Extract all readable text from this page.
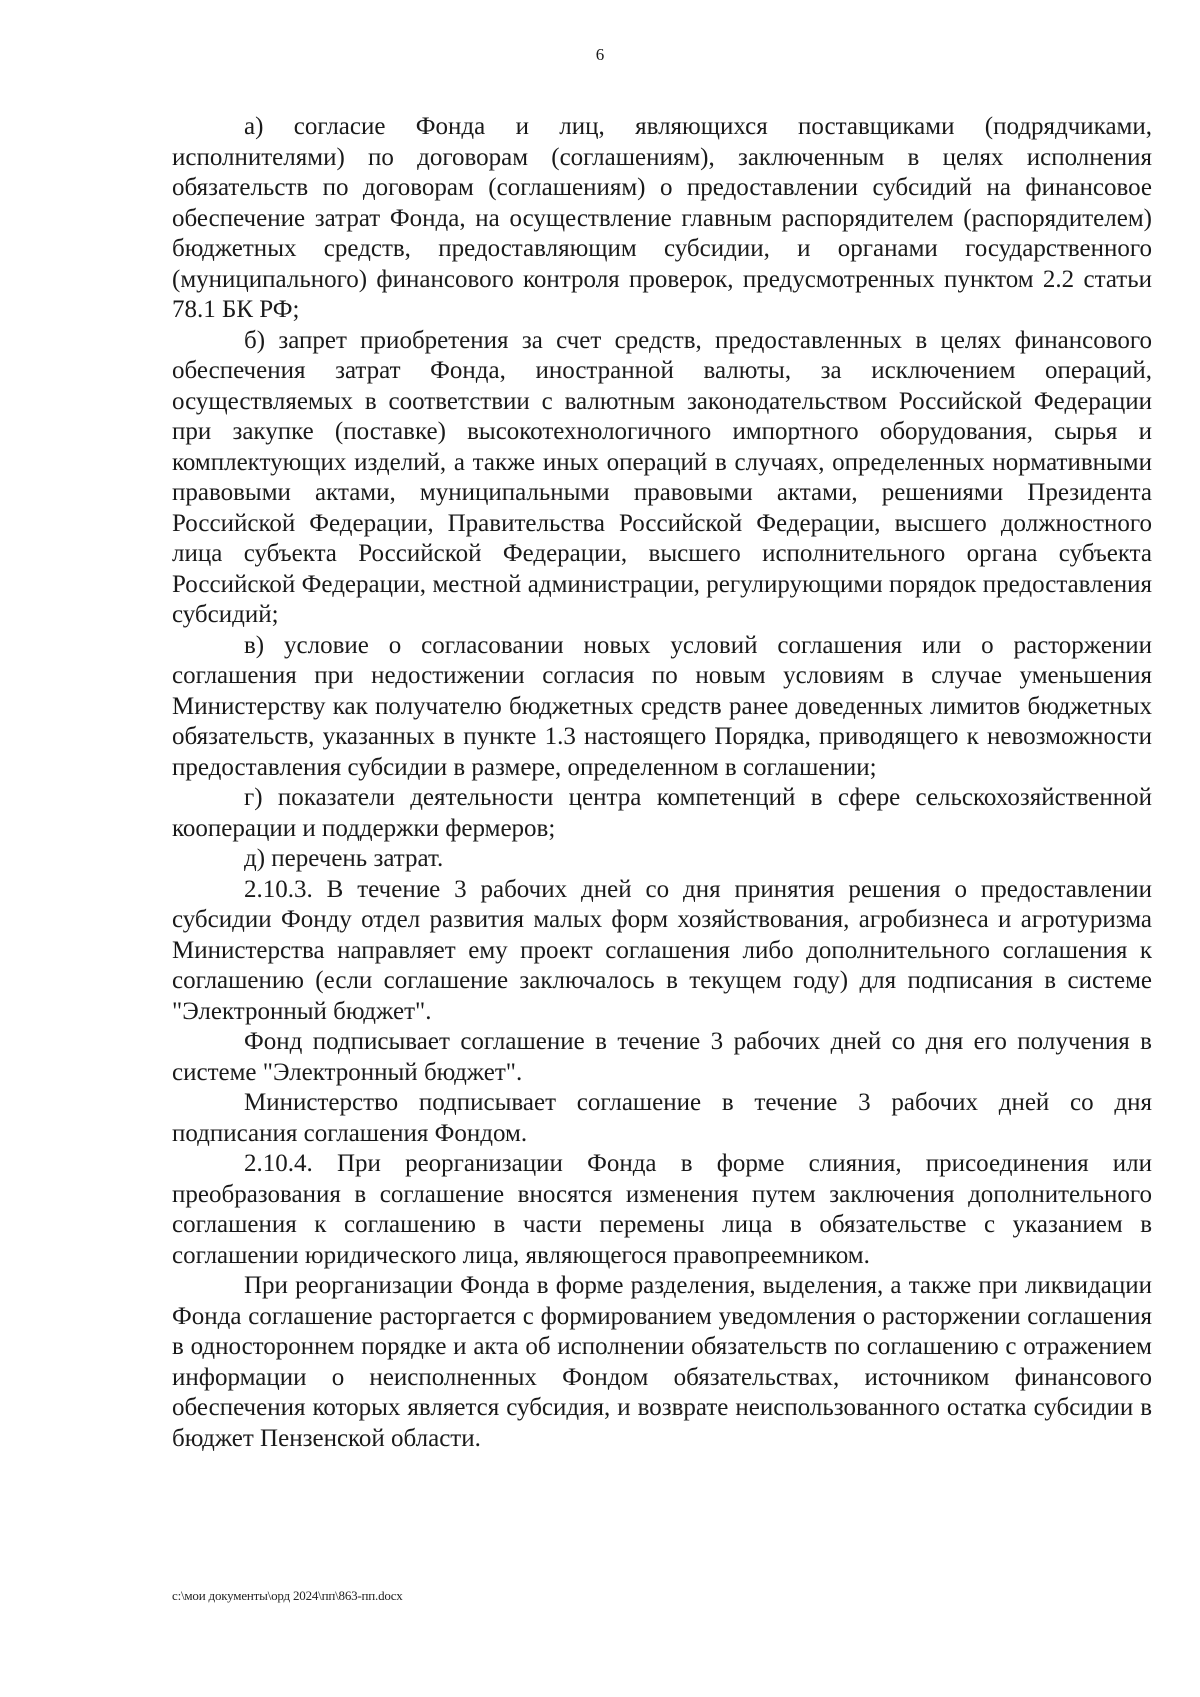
6

а) согласие Фонда и лиц, являющихся поставщиками (подрядчиками, исполнителями) по договорам (соглашениям), заключенным в целях исполнения обязательств по договорам (соглашениям) о предоставлении субсидий на финансовое обеспечение затрат Фонда, на осуществление главным распорядителем (распорядителем) бюджетных средств, предоставляющим субсидии, и органами государственного (муниципального) финансового контроля проверок, предусмотренных пунктом 2.2 статьи 78.1 БК РФ;

б) запрет приобретения за счет средств, предоставленных в целях финансового обеспечения затрат Фонда, иностранной валюты, за исключением операций, осуществляемых в соответствии с валютным законодательством Российской Федерации при закупке (поставке) высокотехнологичного импортного оборудования, сырья и комплектующих изделий, а также иных операций в случаях, определенных нормативными правовыми актами, муниципальными правовыми актами, решениями Президента Российской Федерации, Правительства Российской Федерации, высшего должностного лица субъекта Российской Федерации, высшего исполнительного органа субъекта Российской Федерации, местной администрации, регулирующими порядок предоставления субсидий;

в) условие о согласовании новых условий соглашения или о расторжении соглашения при недостижении согласия по новым условиям в случае уменьшения Министерству как получателю бюджетных средств ранее доведенных лимитов бюджетных обязательств, указанных в пункте 1.3 настоящего Порядка, приводящего к невозможности предоставления субсидии в размере, определенном в соглашении;

г) показатели деятельности центра компетенций в сфере сельскохозяйственной кооперации и поддержки фермеров;

д) перечень затрат.

2.10.3. В течение 3 рабочих дней со дня принятия решения о предоставлении субсидии Фонду отдел развития малых форм хозяйствования, агробизнеса и агротуризма Министерства направляет ему проект соглашения либо дополнительного соглашения к соглашению (если соглашение заключалось в текущем году) для подписания в системе "Электронный бюджет".

Фонд подписывает соглашение в течение 3 рабочих дней со дня его получения в системе "Электронный бюджет".

Министерство подписывает соглашение в течение 3 рабочих дней со дня подписания соглашения Фондом.

2.10.4. При реорганизации Фонда в форме слияния, присоединения или преобразования в соглашение вносятся изменения путем заключения дополнительного соглашения к соглашению в части перемены лица в обязательстве с указанием в соглашении юридического лица, являющегося правопреемником.

При реорганизации Фонда в форме разделения, выделения, а также при ликвидации Фонда соглашение расторгается с формированием уведомления о расторжении соглашения в одностороннем порядке и акта об исполнении обязательств по соглашению с отражением информации о неисполненных Фондом обязательствах, источником финансового обеспечения которых является субсидия, и возврате неиспользованного остатка субсидии в бюджет Пензенской области.

c:\мои документы\орд 2024\пп\863-пп.docx
